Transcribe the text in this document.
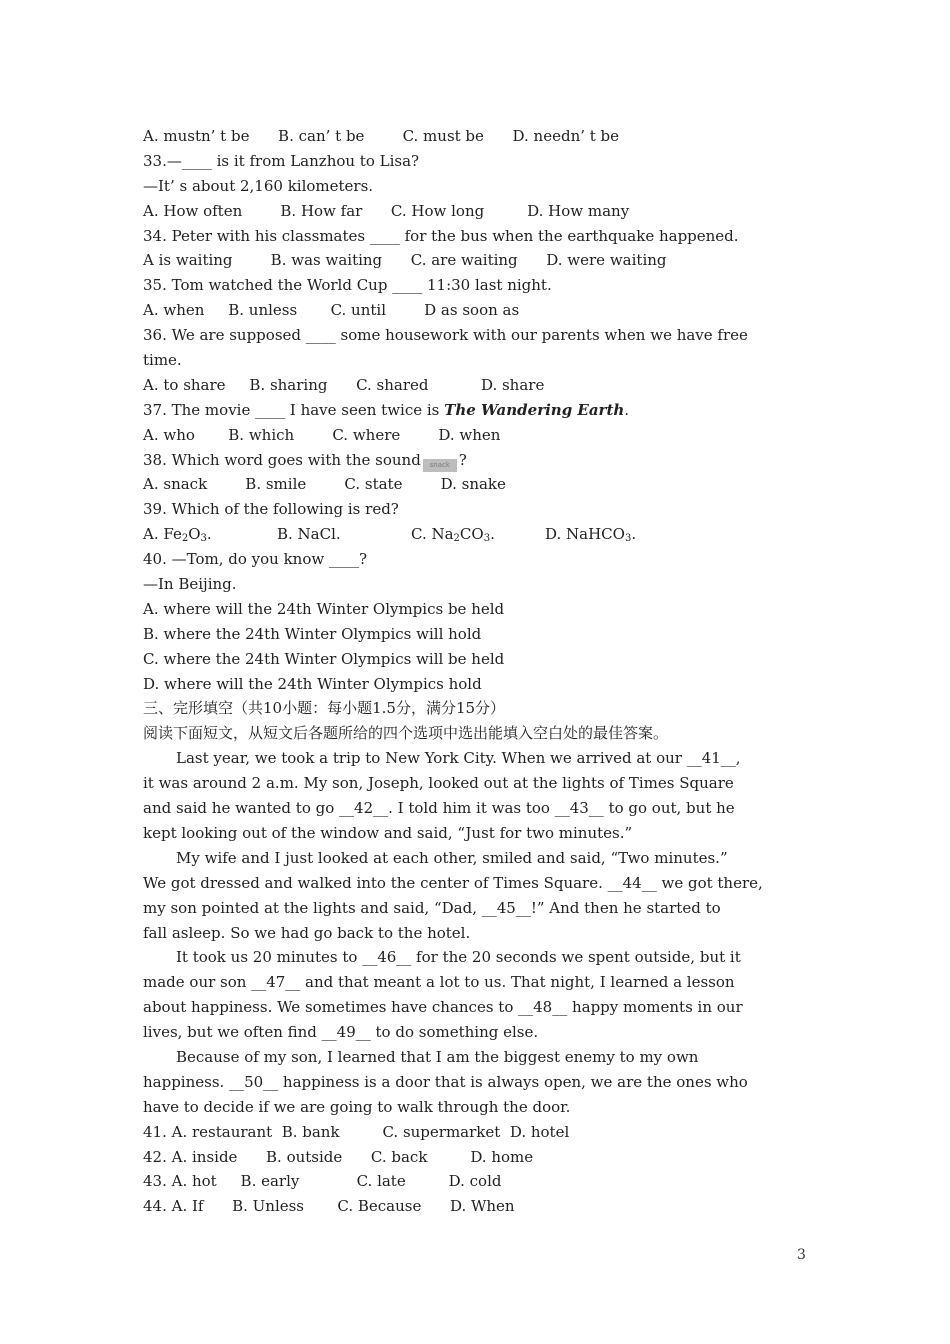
A. mustn’ t be      B. can’ t be        C. must be      D. needn’ t be
33.—____ is it from Lanzhou to Lisa?
—It’ s about 2,160 kilometers.
A. How often        B. How far      C. How long         D. How many
34. Peter with his classmates ____ for the bus when the earthquake happened.
A is waiting        B. was waiting      C. are waiting      D. were waiting
35. Tom watched the World Cup ____ 11:30 last night.
A. when     B. unless       C. until        D as soon as
36. We are supposed ____ some housework with our parents when we have free
time.
A. to share     B. sharing      C. shared           D. share
37. The movie ____ I have seen twice is The Wandering Earth.
A. who       B. which        C. where        D. when
38. Which word goes with the sound snack ?
A. snack        B. smile        C. state        D. snake
39. Which of the following is red?
A. $Fe_2O_3$.	B. NaCl.	C. $Na_2CO_3$.	D. NaHCO$_3$.
40. —Tom, do you know ____?
—In Beijing.
A. where will the 24th Winter Olympics be held
B. where the 24th Winter Olympics will hold
C. where the 24th Winter Olympics will be held
D. where will the 24th Winter Olympics hold
三、完形填空（共10小题：每小题1.5分，满分15分）
阅读下面短文，从短文后各题所给的四个选项中选出能填入空白处的最佳答案。
Last year, we took a trip to New York City. When we arrived at our __41__,
it was around 2 a.m. My son, Joseph, looked out at the lights of Times Square
and said he wanted to go __42__. I told him it was too __43__ to go out, but he
kept looking out of the window and said, “Just for two minutes.”
My wife and I just looked at each other, smiled and said, “Two minutes.”
We got dressed and walked into the center of Times Square. __44__ we got there,
my son pointed at the lights and said, “Dad, __45__!” And then he started to
fall asleep. So we had go back to the hotel.
It took us 20 minutes to __46__ for the 20 seconds we spent outside, but it
made our son __47__ and that meant a lot to us. That night, I learned a lesson
about happiness. We sometimes have chances to __48__ happy moments in our
lives, but we often find __49__ to do something else.
Because of my son, I learned that I am the biggest enemy to my own
happiness. __50__ happiness is a door that is always open, we are the ones who
have to decide if we are going to walk through the door.
41. A. restaurant  B. bank         C. supermarket  D. hotel
42. A. inside      B. outside      C. back         D. home
43. A. hot     B. early            C. late         D. cold
44. A. If      B. Unless       C. Because      D. When
3
